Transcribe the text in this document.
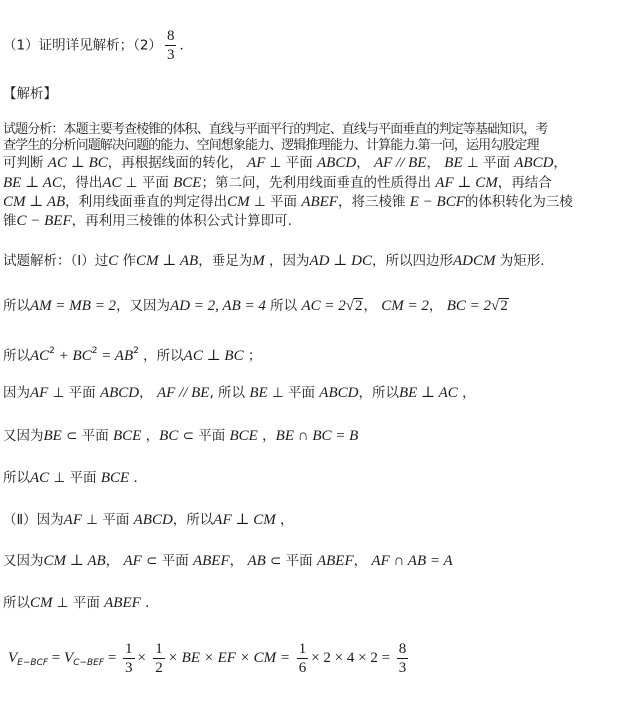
（1）证明详见解析；$(2) \frac{8}{3}$ ．
【解析】
试题分析：本题主要考查棱锥的体积、直线与平面平行的判定、直线与平面垂直的判定等基础知识，考
查学生的分析问题解决问题的能力、空间想象能力、逻辑推理能力、计算能力.第一问，运用勾股定理
可判断 AC ⊥ BC，再根据线面的转化， AF ⊥ 平面 ABCD， AF // BE， BE ⊥ 平面 ABCD，
BE ⊥ AC，得出AC ⊥ 平面 BCE；第二问，先利用线面垂直的性质得出 AF ⊥ CM，再结合
CM ⊥ AB，利用线面垂直的判定得出CM ⊥ 平面 ABEF，将三棱锥 E − BCF的体积转化为三棱
锥C − BEF，再利用三棱锥的体积公式计算即可.
试题解析：（Ⅰ）过C 作CM ⊥ AB，垂足为M ，因为AD ⊥ DC，所以四边形ADCM 为矩形.
所以AM = MB = 2，又因为AD = 2, AB = 4 所以 AC = 2√2， CM = 2， BC = 2√2
所以$AC^2 + BC^2 = AB^2$ ，所以AC ⊥ BC ；
因为AF ⊥ 平面 ABCD， AF // BE, 所以 BE ⊥ 平面 ABCD，所以BE ⊥ AC ，
又因为BE ⊂ 平面 BCE ，BC ⊂ 平面 BCE ，BE ∩ BC = B
所以AC ⊥ 平面 BCE ．
（Ⅱ）因为AF ⊥ 平面 ABCD，所以AF ⊥ CM ，
又因为CM ⊥ AB， AF ⊂ 平面 ABEF， AB ⊂ 平面 ABEF， AF ∩ AB = A
所以CM ⊥ 平面 ABEF ．
$V_{E-BCF} = V_{C-BEF} = \frac{1}{3} \times \frac{1}{2}$ × BE × EF × CM = $\frac{1}{6} \times 2 \times 4 \times 2 = \frac{8}{3}$
